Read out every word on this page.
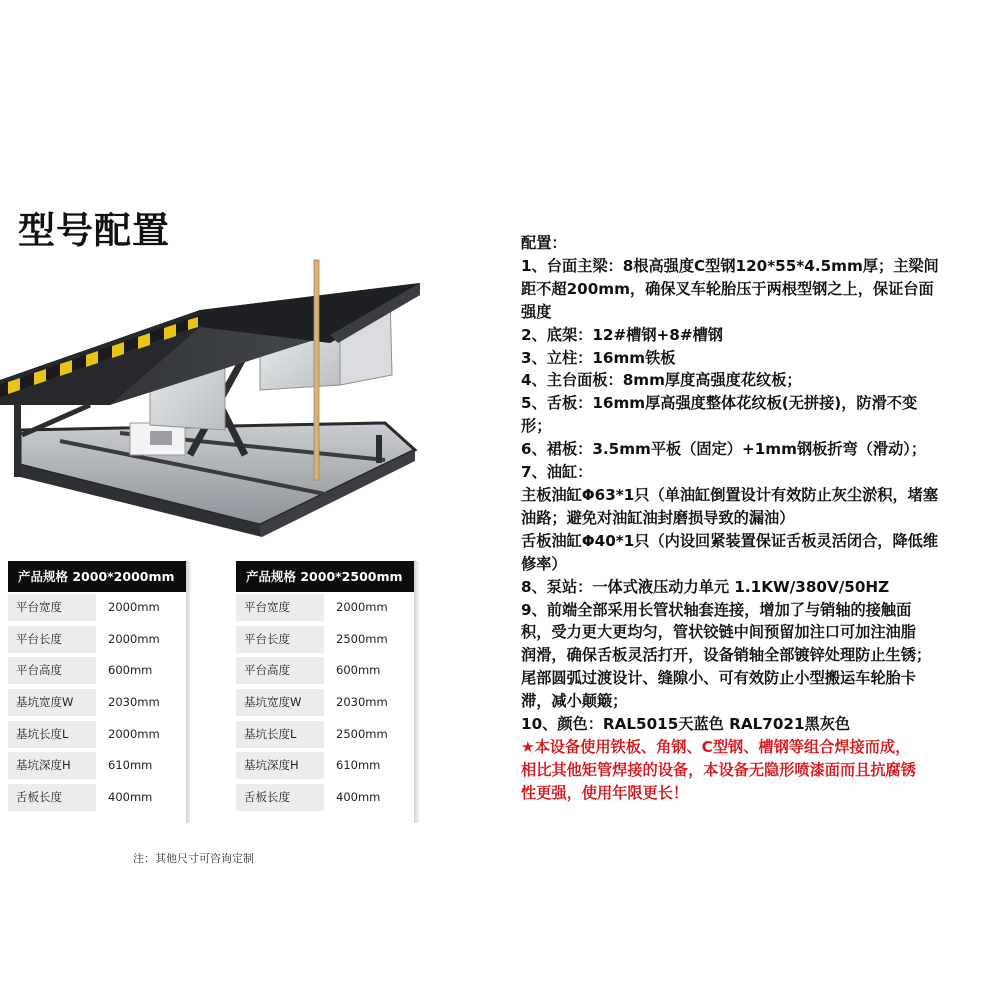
型号配置
产品规格 2000*2000mm
平台宽度	2000mm
平台长度	2000mm
平台高度	600mm
基坑宽度W	2030mm
基坑长度L	2000mm
基坑深度H	610mm
舌板长度	400mm
产品规格 2000*2500mm
平台宽度	2000mm
平台长度	2500mm
平台高度	600mm
基坑宽度W	2030mm
基坑长度L	2500mm
基坑深度H	610mm
舌板长度	400mm
注：其他尺寸可咨询定制
配置：
1、台面主梁：8根高强度C型钢120*55*4.5mm厚；主梁间
距不超200mm，确保叉车轮胎压于两根型钢之上，保证台面
强度
2、底架：12#槽钢+8#槽钢
3、立柱：16mm铁板
4、主台面板：8mm厚度高强度花纹板；
5、舌板：16mm厚高强度整体花纹板(无拼接)，防滑不变
形；
6、裙板：3.5mm平板（固定）+1mm钢板折弯（滑动）；
7、油缸：
主板油缸Φ63*1只（单油缸倒置设计有效防止灰尘淤积，堵塞
油路；避免对油缸油封磨损导致的漏油）
舌板油缸Φ40*1只（内设回紧装置保证舌板灵活闭合，降低维
修率）
8、泵站：一体式液压动力单元 1.1KW/380V/50HZ
9、前端全部采用长管状轴套连接，增加了与销轴的接触面
积，受力更大更均匀，管状铰链中间预留加注口可加注油脂
润滑，确保舌板灵活打开，设备销轴全部镀锌处理防止生锈；
尾部圆弧过渡设计、缝隙小、可有效防止小型搬运车轮胎卡
滞，减小颠簸；
10、颜色：RAL5015天蓝色 RAL7021黑灰色
★本设备使用铁板、角钢、C型钢、槽钢等组合焊接而成，
相比其他矩管焊接的设备，本设备无隐形喷漆面而且抗腐锈
性更强，使用年限更长！
